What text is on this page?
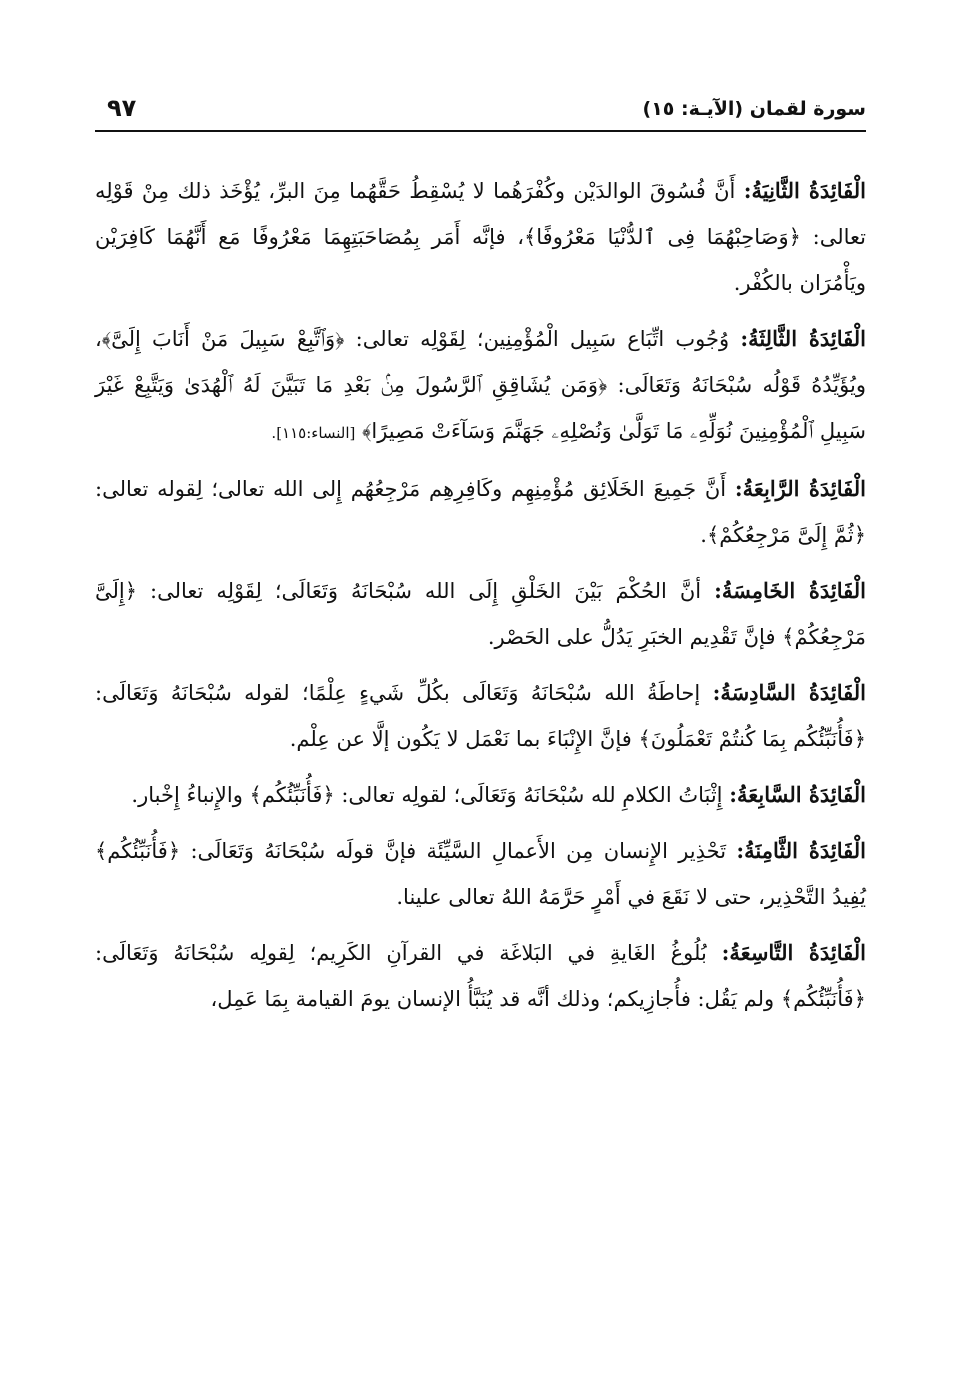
سورة لقمان (الآيـة: ١٥)
٩٧

الْفَائِدَةُ الثَّانِيَةُ: أَنَّ فُسُوقَ الوالدَيْن وكُفْرَهُما لا يُسْقِطُ حَقَّهُما مِنَ البرِّ، يُؤْخَذ ذلك مِنْ قَوْلِه تعالى: ﴿وَصَاحِبْهُمَا فِى ٱلدُّنْيَا مَعْرُوفًا﴾، فإنَّه أَمَر بِمُصَاحَبَتِهِمَا مَعْرُوفًا مَع أَنَّهُمَا كَافِرَيْن ويَأْمُرَان بالكُفْر.

الْفَائِدَةُ الثَّالِثَةُ: وُجُوب اتِّبَاع سَبِيل الْمُؤْمِنِين؛ لِقَوْلِه تعالى: ﴿وَٱتَّبِعْ سَبِيلَ مَنْ أَنَابَ إِلَىَّ﴾، ويُؤَيِّدُهُ قَوْلُه سُبْحَانَهُ وَتَعَالَى: ﴿وَمَن يُشَاقِقِ ٱلرَّسُولَ مِنۢ بَعْدِ مَا تَبَيَّنَ لَهُ ٱلْهُدَىٰ وَيَتَّبِعْ غَيْرَ سَبِيلِ ٱلْمُؤْمِنِينَ نُوَلِّهِۦ مَا تَوَلَّىٰ وَنُصْلِهِۦ جَهَنَّمَ وَسَآءَتْ مَصِيرًا﴾ [النساء:١١٥].

الْفَائِدَةُ الرَّابِعَةُ: أَنَّ جَمِيعَ الخَلَائِق مُؤْمِنِهِم وكَافِرِهِم مَرْجِعُهُم إِلى الله تعالى؛ لِقوله تعالى: ﴿ثُمَّ إِلَىَّ مَرْجِعُكُمْ﴾.

الْفَائِدَةُ الخَامِسَةُ: أنَّ الحُكْمَ بَيْنَ الخَلْقِ إِلَى الله سُبْحَانَهُ وَتَعَالَى؛ لِقَوْلِه تعالى: ﴿إِلَىَّ مَرْجِعُكُمْ﴾ فإنَّ تَقْدِيم الخبَرِ يَدُلُّ على الحَصْر.

الْفَائِدَةُ السَّادِسَةُ: إحاطَةُ الله سُبْحَانَهُ وَتَعَالَى بكُلِّ شَيءٍ عِلْمًا؛ لقوله سُبْحَانَهُ وَتَعَالَى: ﴿فَأُنَبِّئُكُم بِمَا كُنتُمْ تَعْمَلُونَ﴾ فإنَّ الإِنْبَاءَ بما نَعْمَل لا يَكُون إلَّا عن عِلْم.

الْفَائِدَةُ السَّابِعَةُ: إِثْبَاتُ الكلامِ لله سُبْحَانَهُ وَتَعَالَى؛ لقولِه تعالى: ﴿فَأُنَبِّئُكُم﴾ والإِنباءُ إِخْبار.

الْفَائِدَةُ الثَّامِنَةُ: تَحْذِير الإِنسان مِن الأَعمالِ السَّيِّئَة فإنَّ قولَه سُبْحَانَهُ وَتَعَالَى: ﴿فَأُنَبِّئُكُم﴾ يُفِيدُ التَّحْذِير، حتى لا نَقَعَ في أَمْرٍ حَرَّمَهُ اللهُ تعالى علينا.

الْفَائِدَةُ التَّاسِعَةُ: بُلُوغُ الغَايةِ في البَلاغَة في القرآنِ الكَرِيم؛ لِقولِه سُبْحَانَهُ وَتَعَالَى: ﴿فَأُنَبِّئُكُم﴾ ولم يَقُل: فأُجازِيكم؛ وذلك أنَّه قد يُنَبَّأُ الإنسان يومَ القيامة بِمَا عَمِل،
